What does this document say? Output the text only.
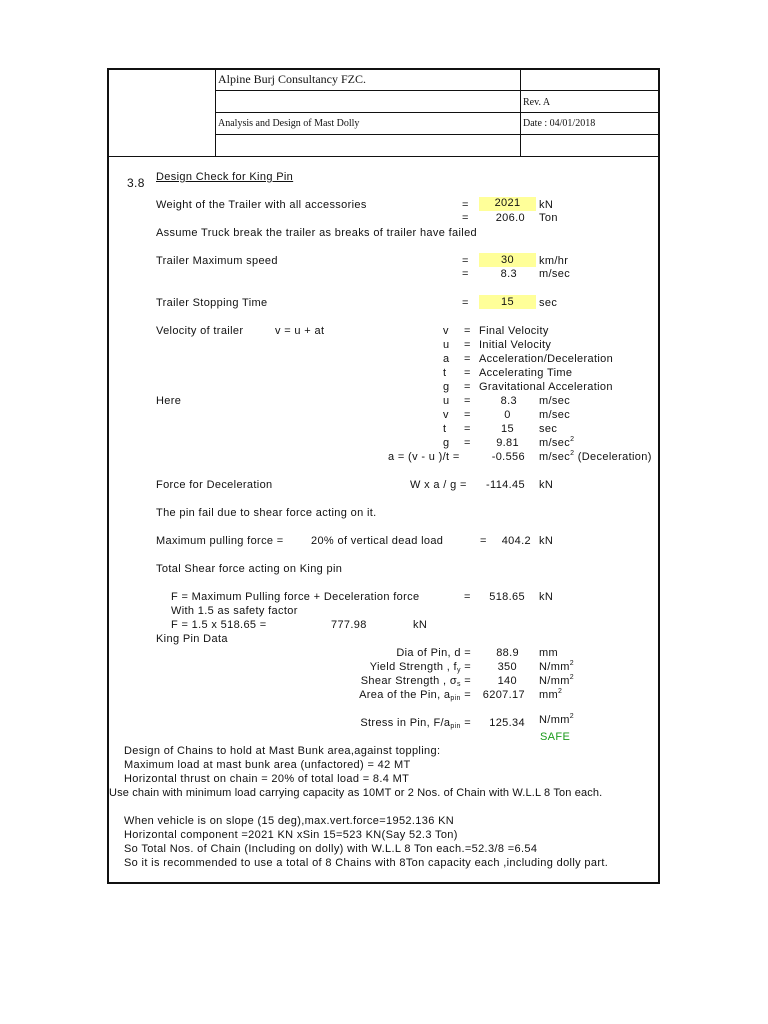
Alpine Burj Consultancy FZC.
Rev. A
Analysis and Design of Mast Dolly	Date : 04/01/2018
3.8 Design Check for King Pin
Weight of the Trailer with all accessories	=	2021	kN
=	206.0 Ton
Assume Truck break the trailer as breaks of trailer have failed
Trailer Maximum speed	=	30	km/hr
=	8.3 m/sec
Trailer Stopping Time	=	15	sec
Velocity of trailer	v = u + at	v = Final Velocity
u = Initial Velocity
a = Acceleration/Deceleration
t = Accelerating Time
g = Gravitational Acceleration
Here	u =	8.3 m/sec
v =	0	m/sec
t =	15	sec
g =	9.81 $m/\sec^2$
a = (v - u )/t =	-0.556 $m/\sec^2$ (Deceleration)
Force for Deceleration	W x a / g =	-114.45 kN
The pin fail due to shear force acting on it.
Maximum pulling force = 20% of vertical dead load	=	404.2 kN
Total Shear force acting on King pin
F = Maximum Pulling force + Deceleration force	=	518.65 kN
With 1.5 as safety factor
F = 1.5 x 518.65 =	777.98	kN
King Pin Data
Dia of Pin, d =	88.9 mm
Yield Strength , $f_y$ =	350 $N/mm^2$
Shear Strength , $\sigma_s$ =	140 $N/mm^2$
Area of the Pin, $a_{pin}$ =	6207.17 $mm^2$
Stress in Pin, $F/a_{pin}$ =	125.34 $N/mm^2$
SAFE
Design of Chains to hold at Mast Bunk area,against toppling:
Maximum load at mast bunk area (unfactored) = 42 MT
Horizontal thrust on chain = 20% of total load = 8.4 MT
Use chain with minimum load carrying capacity as 10MT or 2 Nos. of Chain with W.L.L 8 Ton each.
When vehicle is on slope (15 deg),max.vert.force=1952.136 KN
Horizontal component =2021 KN xSin 15=523 KN(Say 52.3 Ton)
So Total Nos. of Chain (Including on dolly) with W.L.L 8 Ton each.=52.3/8 =6.54
So it is recommended to use a total of 8 Chains with 8Ton capacity each ,including dolly part.
